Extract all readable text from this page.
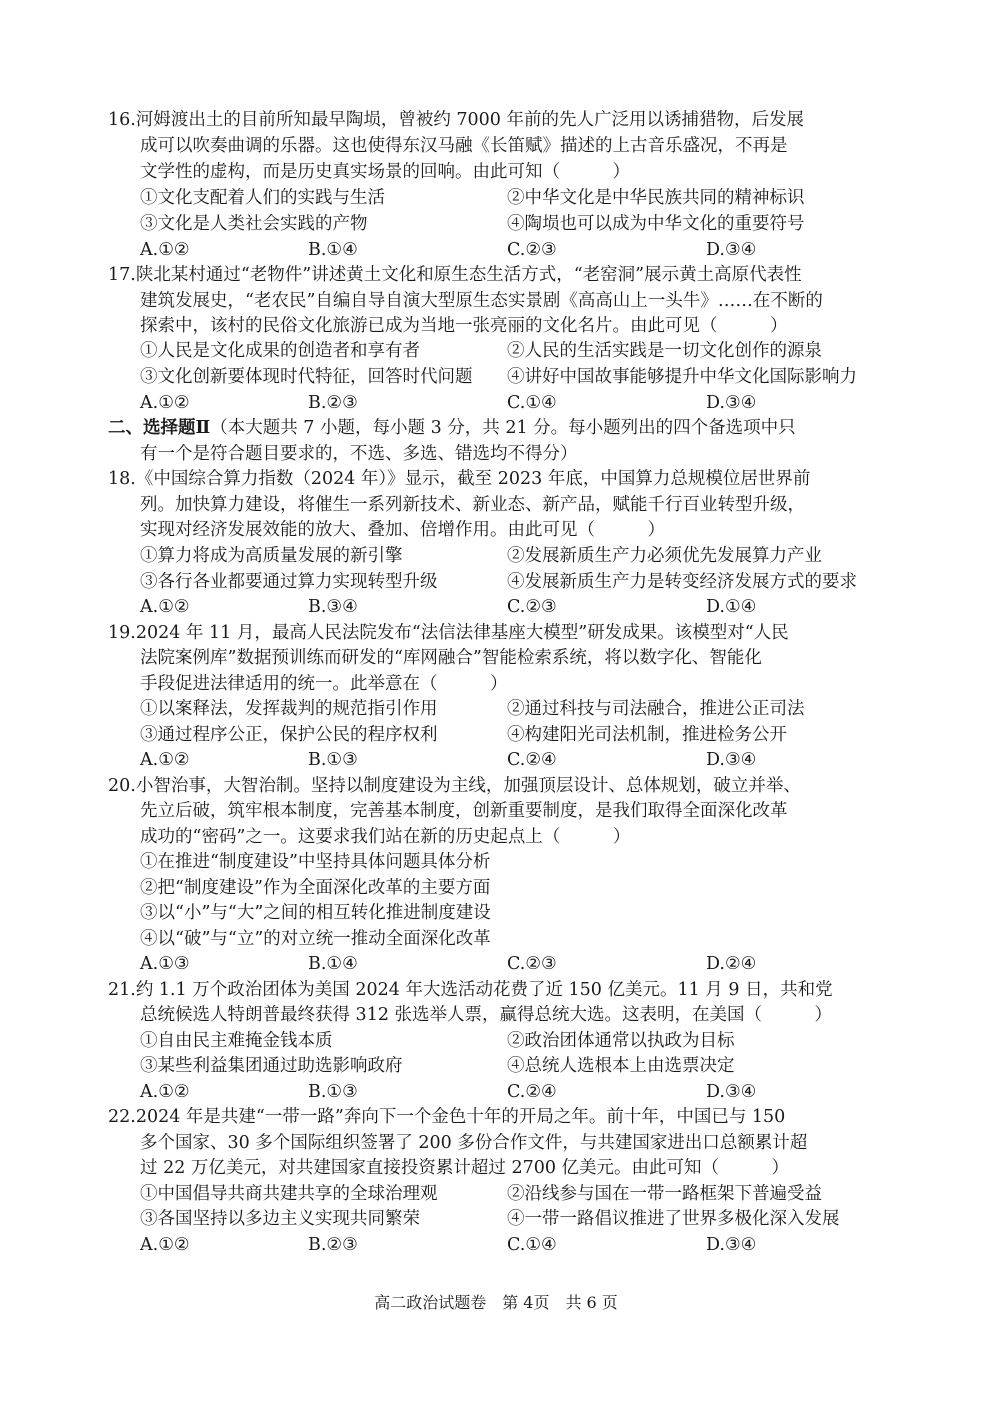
16.河姆渡出土的目前所知最早陶埙，曾被约 7000 年前的先人广泛用以诱捕猎物，后发展
成可以吹奏曲调的乐器。这也使得东汉马融《长笛赋》描述的上古音乐盛况，不再是
文学性的虚构，而是历史真实场景的回响。由此可知（　　　）
①文化支配着人们的实践与生活	②中华文化是中华民族共同的精神标识
③文化是人类社会实践的产物	④陶埙也可以成为中华文化的重要符号
A.①②	B.①④	C.②③	D.③④
17.陕北某村通过“老物件”讲述黄土文化和原生态生活方式，“老窑洞”展示黄土高原代表性
建筑发展史，“老农民”自编自导自演大型原生态实景剧《高高山上一头牛》……在不断的
探索中，该村的民俗文化旅游已成为当地一张亮丽的文化名片。由此可见（　　　）
①人民是文化成果的创造者和享有者	②人民的生活实践是一切文化创作的源泉
③文化创新要体现时代特征，回答时代问题 ④讲好中国故事能够提升中华文化国际影响力
A.①②	B.②③	C.①④	D.③④
二、选择题Ⅱ（本大题共 7 小题，每小题 3 分，共 21 分。每小题列出的四个备选项中只
有一个是符合题目要求的，不选、多选、错选均不得分）
18.《中国综合算力指数（2024 年）》显示，截至 2023 年底，中国算力总规模位居世界前
列。加快算力建设，将催生一系列新技术、新业态、新产品，赋能千行百业转型升级，
实现对经济发展效能的放大、叠加、倍增作用。由此可见（　　　）
①算力将成为高质量发展的新引擎	②发展新质生产力必须优先发展算力产业
③各行各业都要通过算力实现转型升级	④发展新质生产力是转变经济发展方式的要求
A.①②	B.③④	C.②③	D.①④
19.2024 年 11 月，最高人民法院发布“法信法律基座大模型”研发成果。该模型对“人民
法院案例库”数据预训练而研发的“库网融合”智能检索系统，将以数字化、智能化
手段促进法律适用的统一。此举意在（　　　）
①以案释法，发挥裁判的规范指引作用	②通过科技与司法融合，推进公正司法
③通过程序公正，保护公民的程序权利	④构建阳光司法机制，推进检务公开
A.①②	B.①③	C.②④	D.③④
20.小智治事，大智治制。坚持以制度建设为主线，加强顶层设计、总体规划，破立并举、
先立后破，筑牢根本制度，完善基本制度，创新重要制度，是我们取得全面深化改革
成功的“密码”之一。这要求我们站在新的历史起点上（　　　）
①在推进“制度建设”中坚持具体问题具体分析
②把“制度建设”作为全面深化改革的主要方面
③以“小”与“大”之间的相互转化推进制度建设
④以“破”与“立”的对立统一推动全面深化改革
A.①③	B.①④	C.②③	D.②④
21.约 1.1 万个政治团体为美国 2024 年大选活动花费了近 150 亿美元。11 月 9 日，共和党
总统候选人特朗普最终获得 312 张选举人票，赢得总统大选。这表明，在美国（　　　）
①自由民主难掩金钱本质	②政治团体通常以执政为目标
③某些利益集团通过助选影响政府	④总统人选根本上由选票决定
A.①②	B.①③	C.②④	D.③④
22.2024 年是共建“一带一路”奔向下一个金色十年的开局之年。前十年，中国已与 150
多个国家、30 多个国际组织签署了 200 多份合作文件，与共建国家进出口总额累计超
过 22 万亿美元，对共建国家直接投资累计超过 2700 亿美元。由此可知（　　　）
①中国倡导共商共建共享的全球治理观	②沿线参与国在一带一路框架下普遍受益
③各国坚持以多边主义实现共同繁荣	④一带一路倡议推进了世界多极化深入发展
A.①②	B.②③	C.①④	D.③④
高二政治试题卷　第 4页　共 6 页
